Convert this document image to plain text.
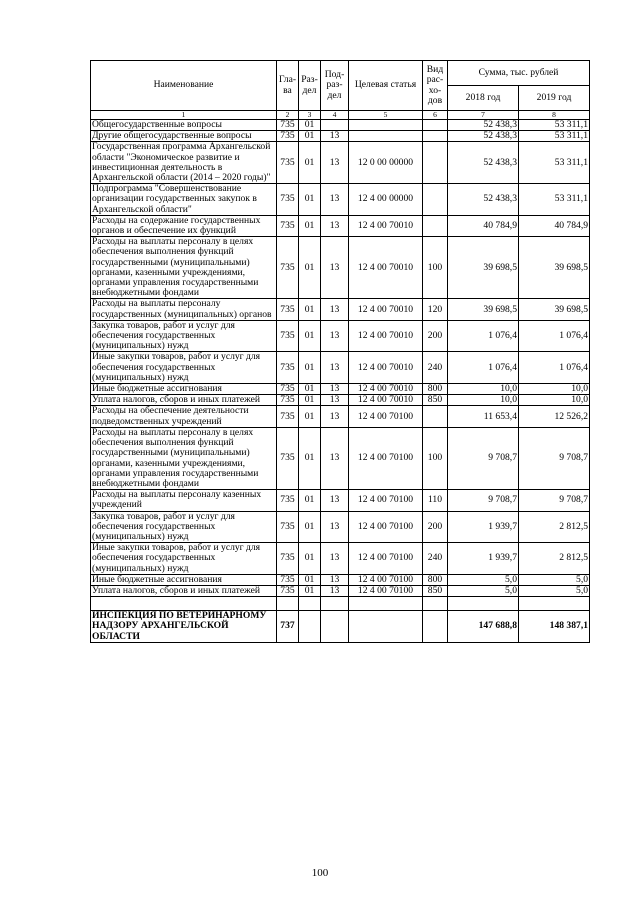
Наименование	Гла-ва	Раз-дел	Под-раз-дел	Целевая статья	Вид рас-хо-дов	Сумма, тыс. рублей	
						2018 год	2019 год
1	2	3	4	5	6	7	8
Общегосударственные вопросы	735	01				52 438,3	53 311,1
Другие общегосударственные вопросы	735	01	13			52 438,3	53 311,1
Государственная программа Архангельской области "Экономическое развитие и инвестиционная деятельность в Архангельской области (2014 – 2020 годы)"	735	01	13	12 0 00 00000		52 438,3	53 311,1
Подпрограмма "Совершенствование организации государственных закупок в Архангельской области"	735	01	13	12 4 00 00000		52 438,3	53 311,1
Расходы на содержание государственных органов и обеспечение их функций	735	01	13	12 4 00 70010		40 784,9	40 784,9
Расходы на выплаты персоналу в целях обеспечения выполнения функций государственными (муниципальными) органами, казенными учреждениями, органами управления государственными внебюджетными фондами	735	01	13	12 4 00 70010	100	39 698,5	39 698,5
Расходы на выплаты персоналу государственных (муниципальных) органов	735	01	13	12 4 00 70010	120	39 698,5	39 698,5
Закупка товаров, работ и услуг для обеспечения государственных (муниципальных) нужд	735	01	13	12 4 00 70010	200	1 076,4	1 076,4
Иные закупки товаров, работ и услуг для обеспечения государственных (муниципальных) нужд	735	01	13	12 4 00 70010	240	1 076,4	1 076,4
Иные бюджетные ассигнования	735	01	13	12 4 00 70010	800	10,0	10,0
Уплата налогов, сборов и иных платежей	735	01	13	12 4 00 70010	850	10,0	10,0
Расходы на обеспечение деятельности подведомственных учреждений	735	01	13	12 4 00 70100		11 653,4	12 526,2
Расходы на выплаты персоналу в целях обеспечения выполнения функций государственными (муниципальными) органами, казенными учреждениями, органами управления государственными внебюджетными фондами	735	01	13	12 4 00 70100	100	9 708,7	9 708,7
Расходы на выплаты персоналу казенных учреждений	735	01	13	12 4 00 70100	110	9 708,7	9 708,7
Закупка товаров, работ и услуг для обеспечения государственных (муниципальных) нужд	735	01	13	12 4 00 70100	200	1 939,7	2 812,5
Иные закупки товаров, работ и услуг для обеспечения государственных (муниципальных) нужд	735	01	13	12 4 00 70100	240	1 939,7	2 812,5
Иные бюджетные ассигнования	735	01	13	12 4 00 70100	800	5,0	5,0
Уплата налогов, сборов и иных платежей	735	01	13	12 4 00 70100	850	5,0	5,0

ИНСПЕКЦИЯ ПО ВЕТЕРИНАРНОМУ НАДЗОРУ АРХАНГЕЛЬСКОЙ ОБЛАСТИ	737					147 688,8	148 387,1
100
